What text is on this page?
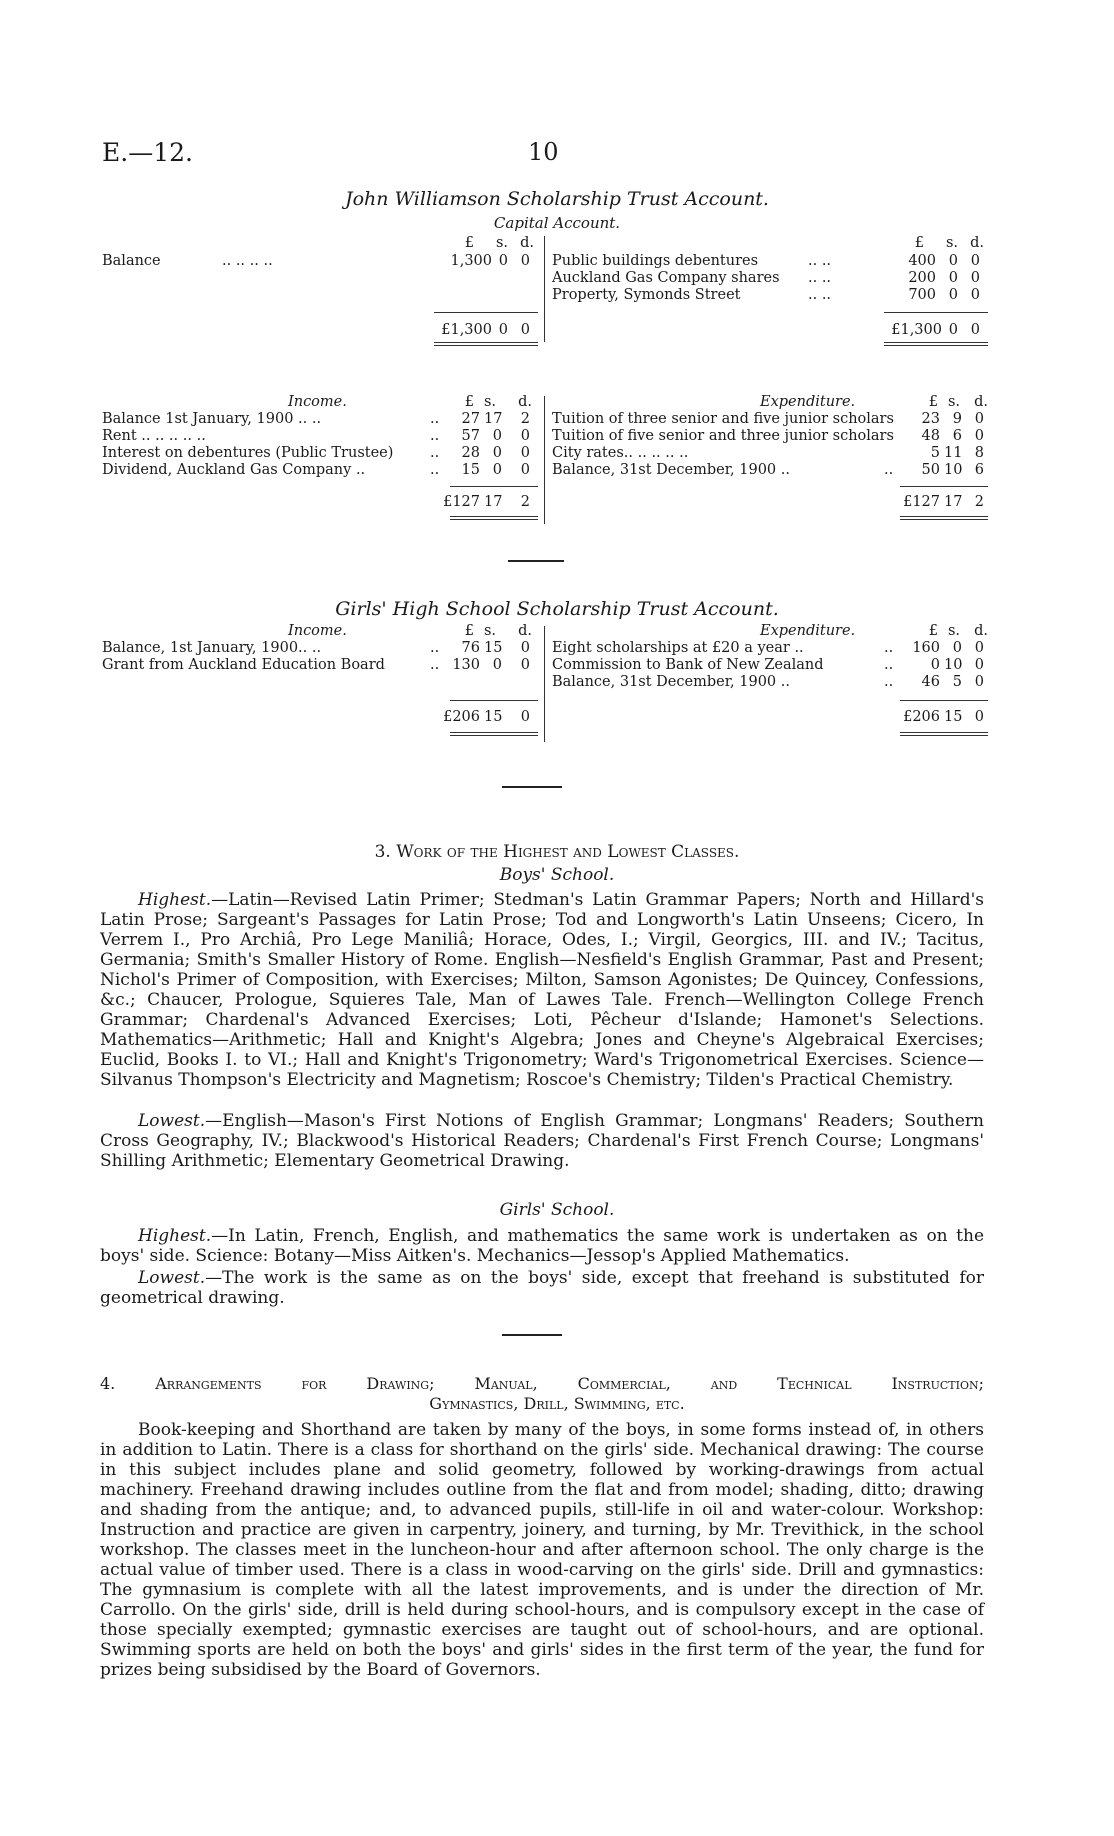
E.—12.	10
John Williamson Scholarship Trust Account.
Capital Account.
£	s. d.	£	s. d.
Balance	.. .. .. ..	1,300 0 0 Public buildings debentures	.. ..	400 0 0
Auckland Gas Company shares .. ..	200 0 0
Property, Symonds Street	.. ..	700 0 0
£1,300 0 0	£1,300 0 0
Income.	Expenditure.
£ s.	d.	£ s. d.
Balance 1st January, 1900 .. ..	..	27 17	2
Rent .. .. .. .. ..	..	57 0	0
Interest on debentures (Public Trustee)	..	28 0	0
Dividend, Auckland Gas Company ..	..	15 0	0
Tuition of three senior and five junior scholars	23 9 0
Tuition of five senior and three junior scholars	48 6 0
City rates.. .. .. .. ..	5 11 8
Balance, 31st December, 1900 ..	..	50 10 6
£127 17	2	£127 17 2
Girls' High School Scholarship Trust Account.
Income.	Expenditure.
£ s.	d.	£ s. d.
Balance, 1st January, 1900.. ..	..	76 15	0
Grant from Auckland Education Board	.. 130 0	0
Eight scholarships at £20 a year ..	..	160 0 0
Commission to Bank of New Zealand	..	0 10 0
Balance, 31st December, 1900 ..	..	46 5 0
£206 15	0	£206 15 0
3. Work of the Highest and Lowest Classes.
Boys' School.
Highest.—Latin—Revised Latin Primer; Stedman's Latin Grammar Papers; North and Hillard's Latin Prose; Sargeant's Passages for Latin Prose; Tod and Longworth's Latin Unseens; Cicero, In Verrem I., Pro Archiâ, Pro Lege Maniliâ; Horace, Odes, I.; Virgil, Georgics, III. and IV.; Tacitus, Germania; Smith's Smaller History of Rome. English—Nesfield's English Grammar, Past and Present; Nichol's Primer of Composition, with Exercises; Milton, Samson Agonistes; De Quincey, Confessions, &c.; Chaucer, Prologue, Squieres Tale, Man of Lawes Tale. French—Wellington College French Grammar; Chardenal's Advanced Exercises; Loti, Pêcheur d'Islande; Hamonet's Selections. Mathematics—Arithmetic; Hall and Knight's Algebra; Jones and Cheyne's Algebraical Exercises; Euclid, Books I. to VI.; Hall and Knight's Trigonometry; Ward's Trigonometrical Exercises. Science—Silvanus Thompson's Electricity and Magnetism; Roscoe's Chemistry; Tilden's Practical Chemistry.
Lowest.—English—Mason's First Notions of English Grammar; Longmans' Readers; Southern Cross Geography, IV.; Blackwood's Historical Readers; Chardenal's First French Course; Longmans' Shilling Arithmetic; Elementary Geometrical Drawing.
Girls' School.
Highest.—In Latin, French, English, and mathematics the same work is undertaken as on the boys' side. Science: Botany—Miss Aitken's. Mechanics—Jessop's Applied Mathematics.
Lowest.—The work is the same as on the boys' side, except that freehand is substituted for geometrical drawing.
4. Arrangements for Drawing; Manual, Commercial, and Technical Instruction;
Gymnastics, Drill, Swimming, etc.
Book-keeping and Shorthand are taken by many of the boys, in some forms instead of, in others in addition to Latin. There is a class for shorthand on the girls' side. Mechanical drawing: The course in this subject includes plane and solid geometry, followed by working-drawings from actual machinery. Freehand drawing includes outline from the flat and from model; shading, ditto; drawing and shading from the antique; and, to advanced pupils, still-life in oil and water-colour. Workshop: Instruction and practice are given in carpentry, joinery, and turning, by Mr. Trevithick, in the school workshop. The classes meet in the luncheon-hour and after afternoon school. The only charge is the actual value of timber used. There is a class in wood-carving on the girls' side. Drill and gymnastics: The gymnasium is complete with all the latest improvements, and is under the direction of Mr. Carrollo. On the girls' side, drill is held during school-hours, and is compulsory except in the case of those specially exempted; gymnastic exercises are taught out of school-hours, and are optional. Swimming sports are held on both the boys' and girls' sides in the first term of the year, the fund for prizes being subsidised by the Board of Governors.
